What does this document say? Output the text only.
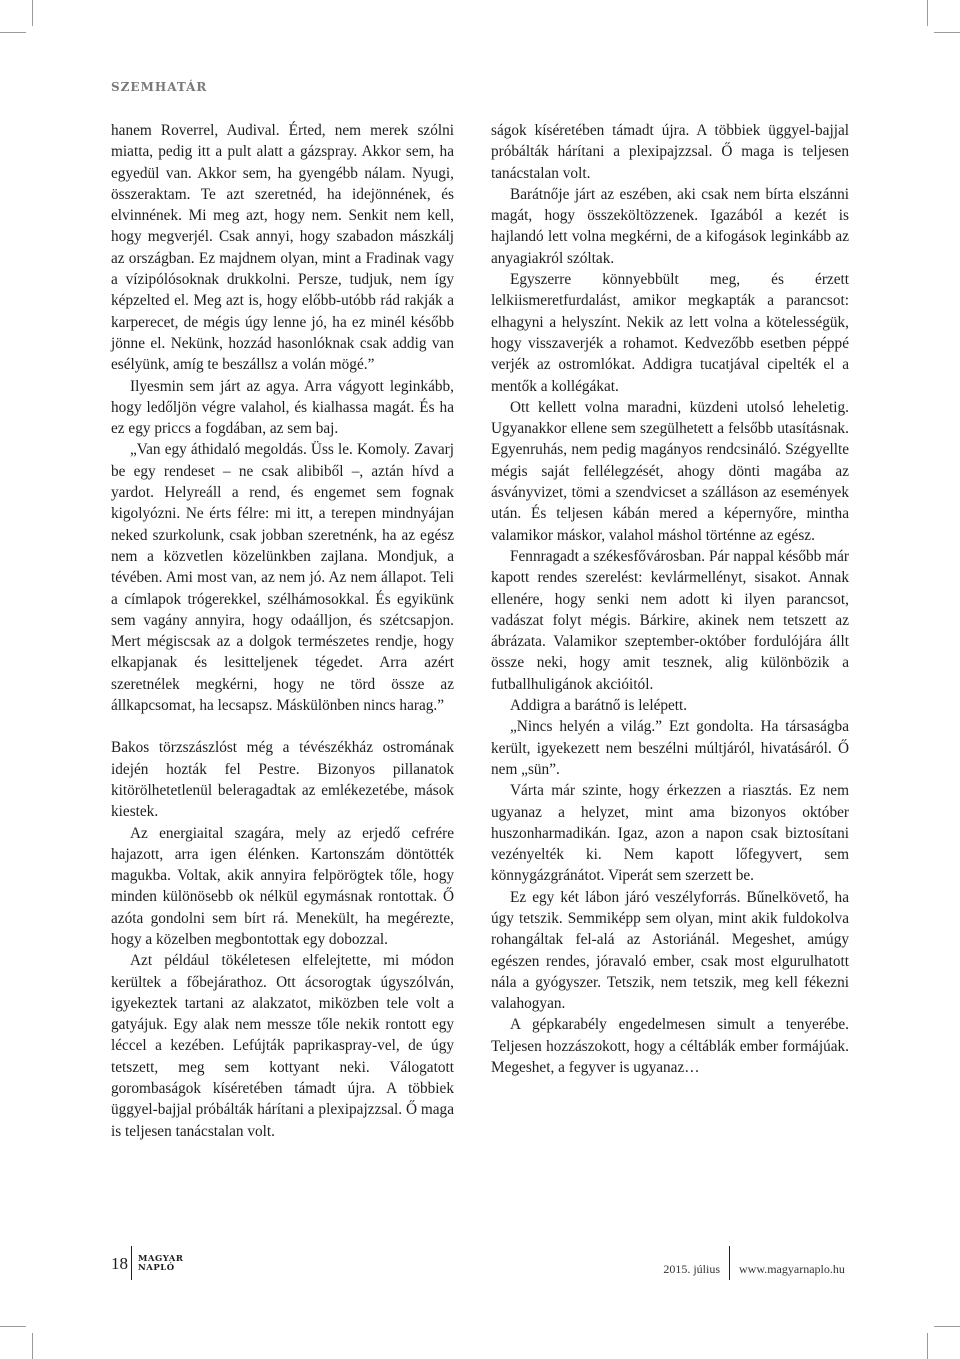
SZEMHATÁR

hanem Roverrel, Audival. Érted, nem merek szólni miatta, pedig itt a pult alatt a gázspray. Akkor sem, ha egyedül van. Akkor sem, ha gyengébb nálam. Nyugi, összeraktam. Te azt szeretnéd, ha idejönnének, és elvinnének. Mi meg azt, hogy nem. Senkit nem kell, hogy megverjél. Csak annyi, hogy szabadon mászkálj az országban. Ez majdnem olyan, mint a Fradinak vagy a vízipólósoknak drukkolni. Persze, tudjuk, nem így képzelted el. Meg azt is, hogy előbb-utóbb rád rakják a karperecet, de mégis úgy lenne jó, ha ez minél később jönne el. Nekünk, hozzád hasonlóknak csak addig van esélyünk, amíg te beszállsz a volán mögé.”

Ilyesmin sem járt az agya. Arra vágyott leginkább, hogy ledőljön végre valahol, és kialhassa magát. És ha ez egy priccs a fogdában, az sem baj.

„Van egy áthidaló megoldás. Üss le. Komoly. Zavarj be egy rendeset – ne csak alibiből –, aztán hívd a yardot. Helyreáll a rend, és engemet sem fognak kigolyózni. Ne érts félre: mi itt, a terepen mindnyájan neked szurkolunk, csak jobban szeretnénk, ha az egész nem a közvetlen közelünkben zajlana. Mondjuk, a tévében. Ami most van, az nem jó. Az nem állapot. Teli a címlapok trógerekkel, szélhámosokkal. És egyikünk sem vagány annyira, hogy odaálljon, és szétcsapjon. Mert mégiscsak az a dolgok természetes rendje, hogy elkapjanak és lesitteljenek tégedet. Arra azért szeretnélek megkérni, hogy ne törd össze az állkapcsomat, ha lecsapsz. Máskülönben nincs harag.”

Bakos törzszászlóst még a tévészékház ostromának idején hozták fel Pestre. Bizonyos pillanatok kitörölhetetlenül beleragadtak az emlékezetébe, mások kiestek.

Az energiaital szagára, mely az erjedő cefrére hajazott, arra igen élénken. Kartonszám döntötték magukba. Voltak, akik annyira felpörögtek tőle, hogy minden különösebb ok nélkül egymásnak rontottak. Ő azóta gondolni sem bírt rá. Menekült, ha megérezte, hogy a közelben megbontottak egy dobozzal.

Azt például tökéletesen elfelejtette, mi módon kerültek a főbejárathoz. Ott ácsorogtak úgyszólván, igyekeztek tartani az alakzatot, miközben tele volt a gatyájuk. Egy alak nem messze tőle nekik rontott egy léccel a kezében. Lefújták paprikaspray-vel, de úgy tetszett, meg sem kottyant neki. Válogatott gorombaságok kíséretében támadt újra. A többiek üggyel-bajjal próbálták hárítani a plexipajzzsal. Ő maga is teljesen tanácstalan volt.

ságok kíséretében támadt újra. A többiek üggyel-bajjal próbálták hárítani a plexipajzzsal. Ő maga is teljesen tanácstalan volt.

Barátnője járt az eszében, aki csak nem bírta elszánni magát, hogy összeköltözzenek. Igazából a kezét is hajlandó lett volna megkérni, de a kifogások leginkább az anyagiakról szóltak.

Egyszerre könnyebbült meg, és érzett lelkiismeretfurdalást, amikor megkapták a parancsot: elhagyni a helyszínt. Nekik az lett volna a kötelességük, hogy visszaverjék a rohamot. Kedvezőbb esetben péppé verjék az ostromlókat. Addigra tucatjával cipelték el a mentők a kollégákat.

Ott kellett volna maradni, küzdeni utolsó leheletig. Ugyanakkor ellene sem szegülhetett a felsőbb utasításnak. Egyenruhás, nem pedig magányos rendcsináló. Szégyellte mégis saját fellélegzését, ahogy dönti magába az ásványvizet, tömi a szendvicset a szálláson az események után. És teljesen kábán mered a képernyőre, mintha valamikor máskor, valahol máshol történne az egész.

Fennragadt a székesfővárosban. Pár nappal később már kapott rendes szerelést: kevlármellényt, sisakot. Annak ellenére, hogy senki nem adott ki ilyen parancsot, vadászat folyt mégis. Bárkire, akinek nem tetszett az ábrázata. Valamikor szeptember-október fordulójára állt össze neki, hogy amit tesznek, alig különbözik a futballhuligánok akcióitól.

Addigra a barátnő is lelépett.

„Nincs helyén a világ.” Ezt gondolta. Ha társaságba került, igyekezett nem beszélni múltjáról, hivatásáról. Ő nem „sün”.

Várta már szinte, hogy érkezzen a riasztás. Ez nem ugyanaz a helyzet, mint ama bizonyos október huszonharmadikán. Igaz, azon a napon csak biztosítani vezényelték ki. Nem kapott lőfegyvert, sem könnygázgránátot. Viperát sem szerzett be.

Ez egy két lábon járó veszélyforrás. Bűnelkövető, ha úgy tetszik. Semmiképp sem olyan, mint akik fuldokolva rohangáltak fel-alá az Astoriánál. Megeshet, amúgy egészen rendes, jóravaló ember, csak most elgurulhatott nála a gyógyszer. Tetszik, nem tetszik, meg kell fékezni valahogyan.

A gépkarabély engedelmesen simult a tenyerébe. Teljesen hozzászokott, hogy a céltáblák ember formájúak. Megeshet, a fegyver is ugyanaz…

18 MAGYAR
NAPLÓ	2015. július www.magyarnaplo.hu
